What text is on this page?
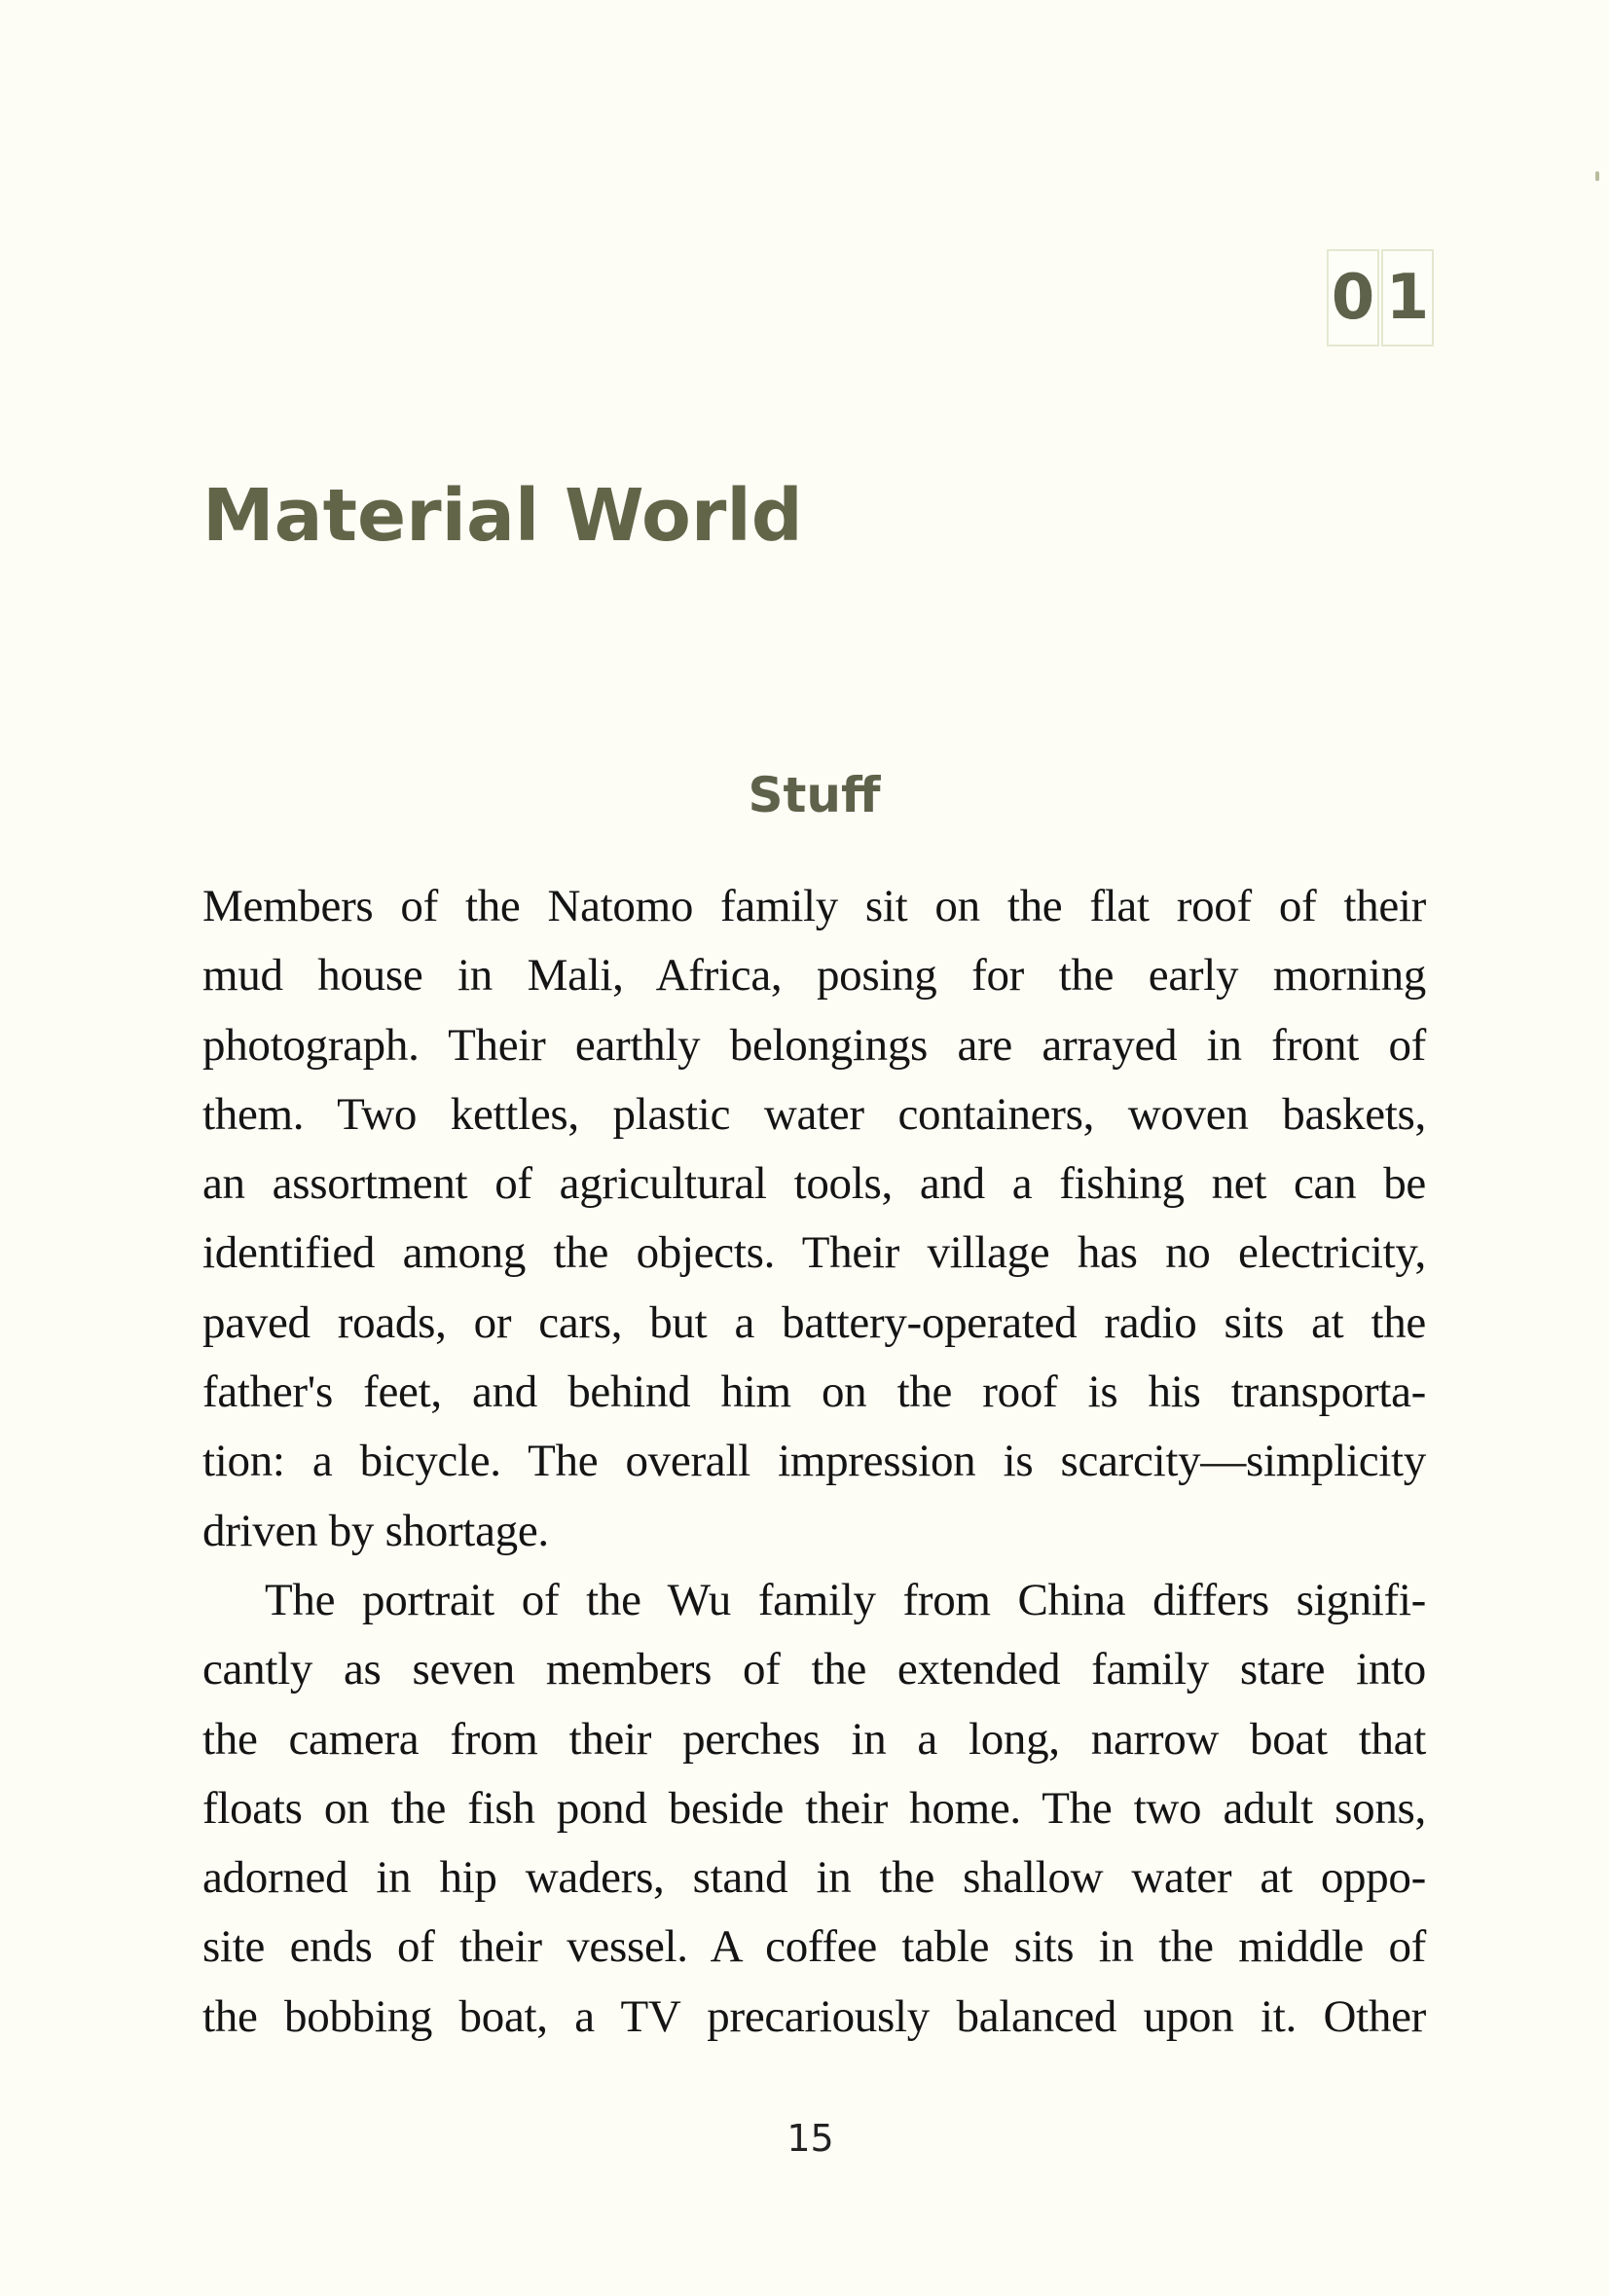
0 1
Material World
Stuff
Members of the Natomo family sit on the flat roof of their
mud house in Mali, Africa, posing for the early morning
photograph. Their earthly belongings are arrayed in front of
them. Two kettles, plastic water containers, woven baskets,
an assortment of agricultural tools, and a fishing net can be
identified among the objects. Their village has no electricity,
paved roads, or cars, but a battery-operated radio sits at the
father's feet, and behind him on the roof is his transporta-
tion: a bicycle. The overall impression is scarcity—simplicity
driven by shortage.
The portrait of the Wu family from China differs signifi-
cantly as seven members of the extended family stare into
the camera from their perches in a long, narrow boat that
floats on the fish pond beside their home. The two adult sons,
adorned in hip waders, stand in the shallow water at oppo-
site ends of their vessel. A coffee table sits in the middle of
the bobbing boat, a TV precariously balanced upon it. Other
15
